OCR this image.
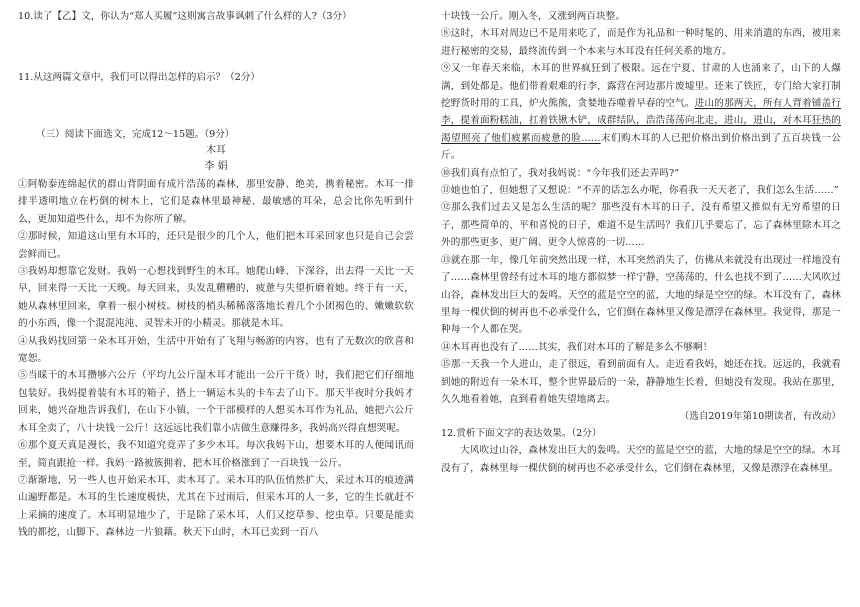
10.读了【乙】文，你认为“郑人买履”这则寓言故事讽刺了什么样的人?（3分）

11.从这两篇文章中，我们可以得出怎样的启示？（2分）

（三）阅读下面选文，完成12～15题。（9分）

木耳

李 娟

①阿勒泰连绵起伏的群山背阴面有成片浩荡的森林，那里安静、绝美，携着秘密。木耳一排排半透明地立在朽倒的树木上，它们是森林里最神秘、最敏感的耳朵，总会比你先听到什么，更加知道些什么，却不为你所了解。

②那时候，知道这山里有木耳的，还只是很少的几个人，他们把木耳采回家也只是自己会尝尝鲜而已。

③我妈却想靠它发财。我妈一心想找到野生的木耳。她爬山峰、下深谷，出去得一天比一天早，回来得一天比一天晚。每天回来，头发乱糟糟的，疲惫与失望折磨着她。终于有一天，她从森林里回来，拿着一根小树枝。树枝的梢头稀稀落落地长着几个小团褐色的、嫩嫩软软的小东西，像一个混混沌沌、灵智未开的小精灵。那就是木耳。

④从我妈找回第一朵木耳开始，生活中开始有了飞翔与畅游的内容，也有了无数次的欣喜和宽恕。

⑤当睬干的木耳攒够六公斤（平均九公斤湿木耳才能出一公斤干货）时，我们把它们仔细地包装好。我妈提着装有木耳的箱子，搭上一辆运木头的卡车去了山下。那天半夜时分我妈才回来，她兴奋地告诉我们，在山下小镇，一个干部模样的人想买木耳作为礼品，她把六公斤木耳全卖了，八十块钱一公斤！这远远比我们靠小店做生意赚得多，我妈高兴得直想哭呢。

⑥那个夏天真是漫长，我不知道究竟弄了多少木耳。每次我妈下山，想要木耳的人便闻讯而至，简直跟抢一样。我妈一路被簇拥着，把木耳价格涨到了一百块钱一公斤。

⑦渐渐地，另一些人也开始采木耳、卖木耳了。采木耳的队伍悄然扩大，采过木耳的痕迹满山遍野都是。木耳的生长速度极快，尤其在下过雨后，但采木耳的人一多，它的生长就赶不上采摘的速度了。木耳明显地少了，于是除了采木耳，人们又挖草参、挖虫草。只要是能卖钱的都挖，山脚下、森林边一片狼藉。秋天下山时，木耳已卖到一百八

十块钱一公斤。刚入冬，又涨到两百块整。

⑧这时，木耳对周边已不是用来吃了，而是作为礼品和一种时髦的、用来消遣的东西，被用来进行秘密的交易，最终流传到一个本来与木耳没有任何关系的地方。

⑨又一年春天来临，木耳的世界疯狂到了极限。远在宁夏、甘肃的人也涌来了，山下的人爆满，到处都是。他们带着艰难的行李，露营在河边那片废墟里。还来了铁匠，专门给大家打制挖野货时用的工具，炉火熊熊，贪婪地吞噬着早春的空气。进山的那两天，所有人背着铺盖行李，提着面粉糕油，扛着铁锹木铲，成群结队，浩浩荡荡向北走，进山，进山，对木耳狂热的渴望照亮了他们疲累而疲惫的脸……末们购木耳的人已把价格出到价格出到了五百块钱一公斤。

⑩我们真有点怕了，我对我妈说：“今年我们还去弄吗?”

⑪她也怕了，但她想了又想说：“不弄的话怎么办呢，你看我一天天老了，我们怎么生活……”

⑫那么我们过去又是怎么生活的呢？那些没有木耳的日子，没有希望又推似有无穷希望的日子，那些简单的、平和喜悦的日子，难道不是生活吗？我们几乎要忘了，忘了森林里除木耳之外的那些更多、更广阔、更令人惊喜的一切……

⑬就在那一年，像几年前突然出现一样，木耳突然消失了，仿佛从来就没有出现过一样地没有了……森林里曾经有过木耳的地方都似梦一样宁静，空荡荡的，什么也找不到了……大风吹过山谷，森林发出巨大的轰鸣。天空的蓝是空空的蓝，大地的绿是空空的绿。木耳没有了，森林里每一棵伏倒的树再也不必承受什么，它们倒在森林里又像是漂浮在森林里。我觉得，那是一种每一个人都在哭。

⑭木耳再也没有了……其实，我们对木耳的了解是多么不够啊！

⑮那一天我一个人进山，走了很远，看到前面有人。走近看我妈，她还在找。远远的，我就看到她的附近有一朵木耳，整个世界最后的一朵，静静地生长着，但她没有发现。我站在那里，久久地看着她，直到看着她失望地离去。

（选自2019年第10期读者，有改动）

12.赏析下面文字的表达效果。（2分）

大风吹过山谷，森林发出巨大的轰鸣。天空的蓝是空空的蓝，大地的绿是空空的绿。木耳没有了，森林里每一棵伏倒的树再也不必承受什么，它们倒在森林里，又像是漂浮在森林里。
